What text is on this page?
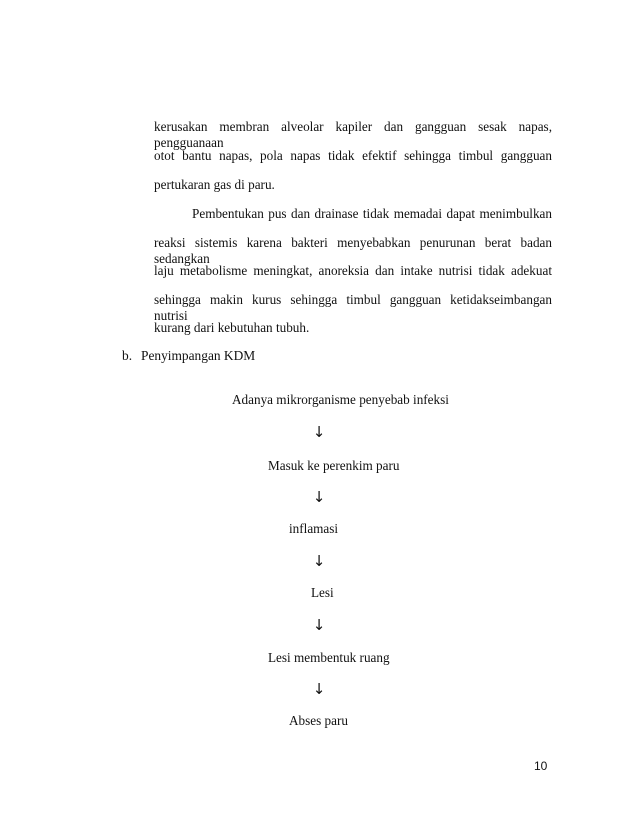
kerusakan membran alveolar kapiler dan gangguan sesak napas, pengguanaan
otot bantu napas, pola napas tidak efektif sehingga timbul gangguan
pertukaran gas di paru.
Pembentukan pus dan drainase tidak memadai dapat menimbulkan
reaksi sistemis karena bakteri menyebabkan penurunan berat badan sedangkan
laju metabolisme meningkat, anoreksia dan intake nutrisi tidak adekuat
sehingga makin kurus sehingga timbul gangguan ketidakseimbangan nutrisi
kurang dari kebutuhan tubuh.
b. Penyimpangan KDM
Adanya mikrorganisme penyebab infeksi
↓
Masuk ke perenkim paru
↓
inflamasi
↓
Lesi
↓
Lesi membentuk ruang
↓
Abses paru
10
